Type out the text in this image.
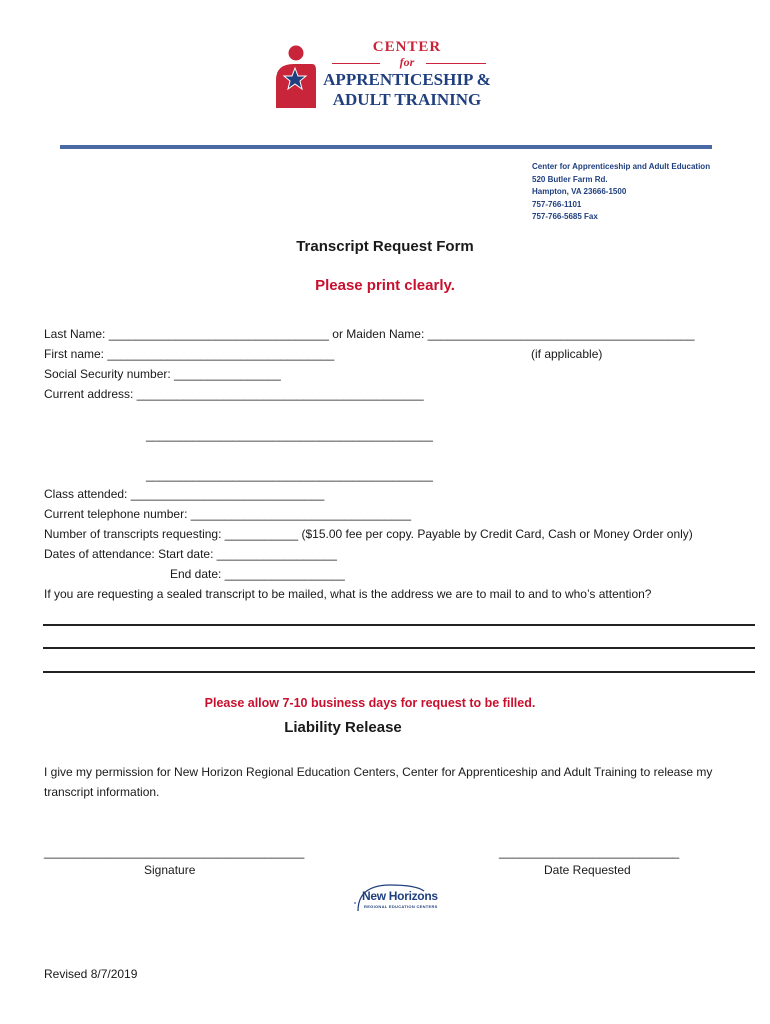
CENTER
for
APPRENTICESHIP &
ADULT TRAINING
Center for Apprenticeship and Adult Education
520 Butler Farm Rd.
Hampton, VA 23666-1500
757-766-1101
757-766-5685 Fax
Transcript Request Form
Please print clearly.
Last Name: _________________________________ or Maiden Name: ________________________________________
First name: __________________________________	(if applicable)
Social Security number: ________________
Current address: ___________________________________________
___________________________________________
___________________________________________
Class attended: _____________________________
Current telephone number: _________________________________
Number of transcripts requesting: ___________ ($15.00 fee per copy. Payable by Credit Card, Cash or Money Order only)
Dates of attendance: Start date: __________________
End date: __________________
If you are requesting a sealed transcript to be mailed, what is the address we are to mail to and to who’s attention?
Please allow 7-10 business days for request to be filled.
Liability Release
I give my permission for New Horizon Regional Education Centers, Center for Apprenticeship and Adult Training to release my transcript information.
_______________________________________
Signature
___________________________
Date Requested
New Horizons
REGIONAL EDUCATION CENTERS
Revised 8/7/2019
